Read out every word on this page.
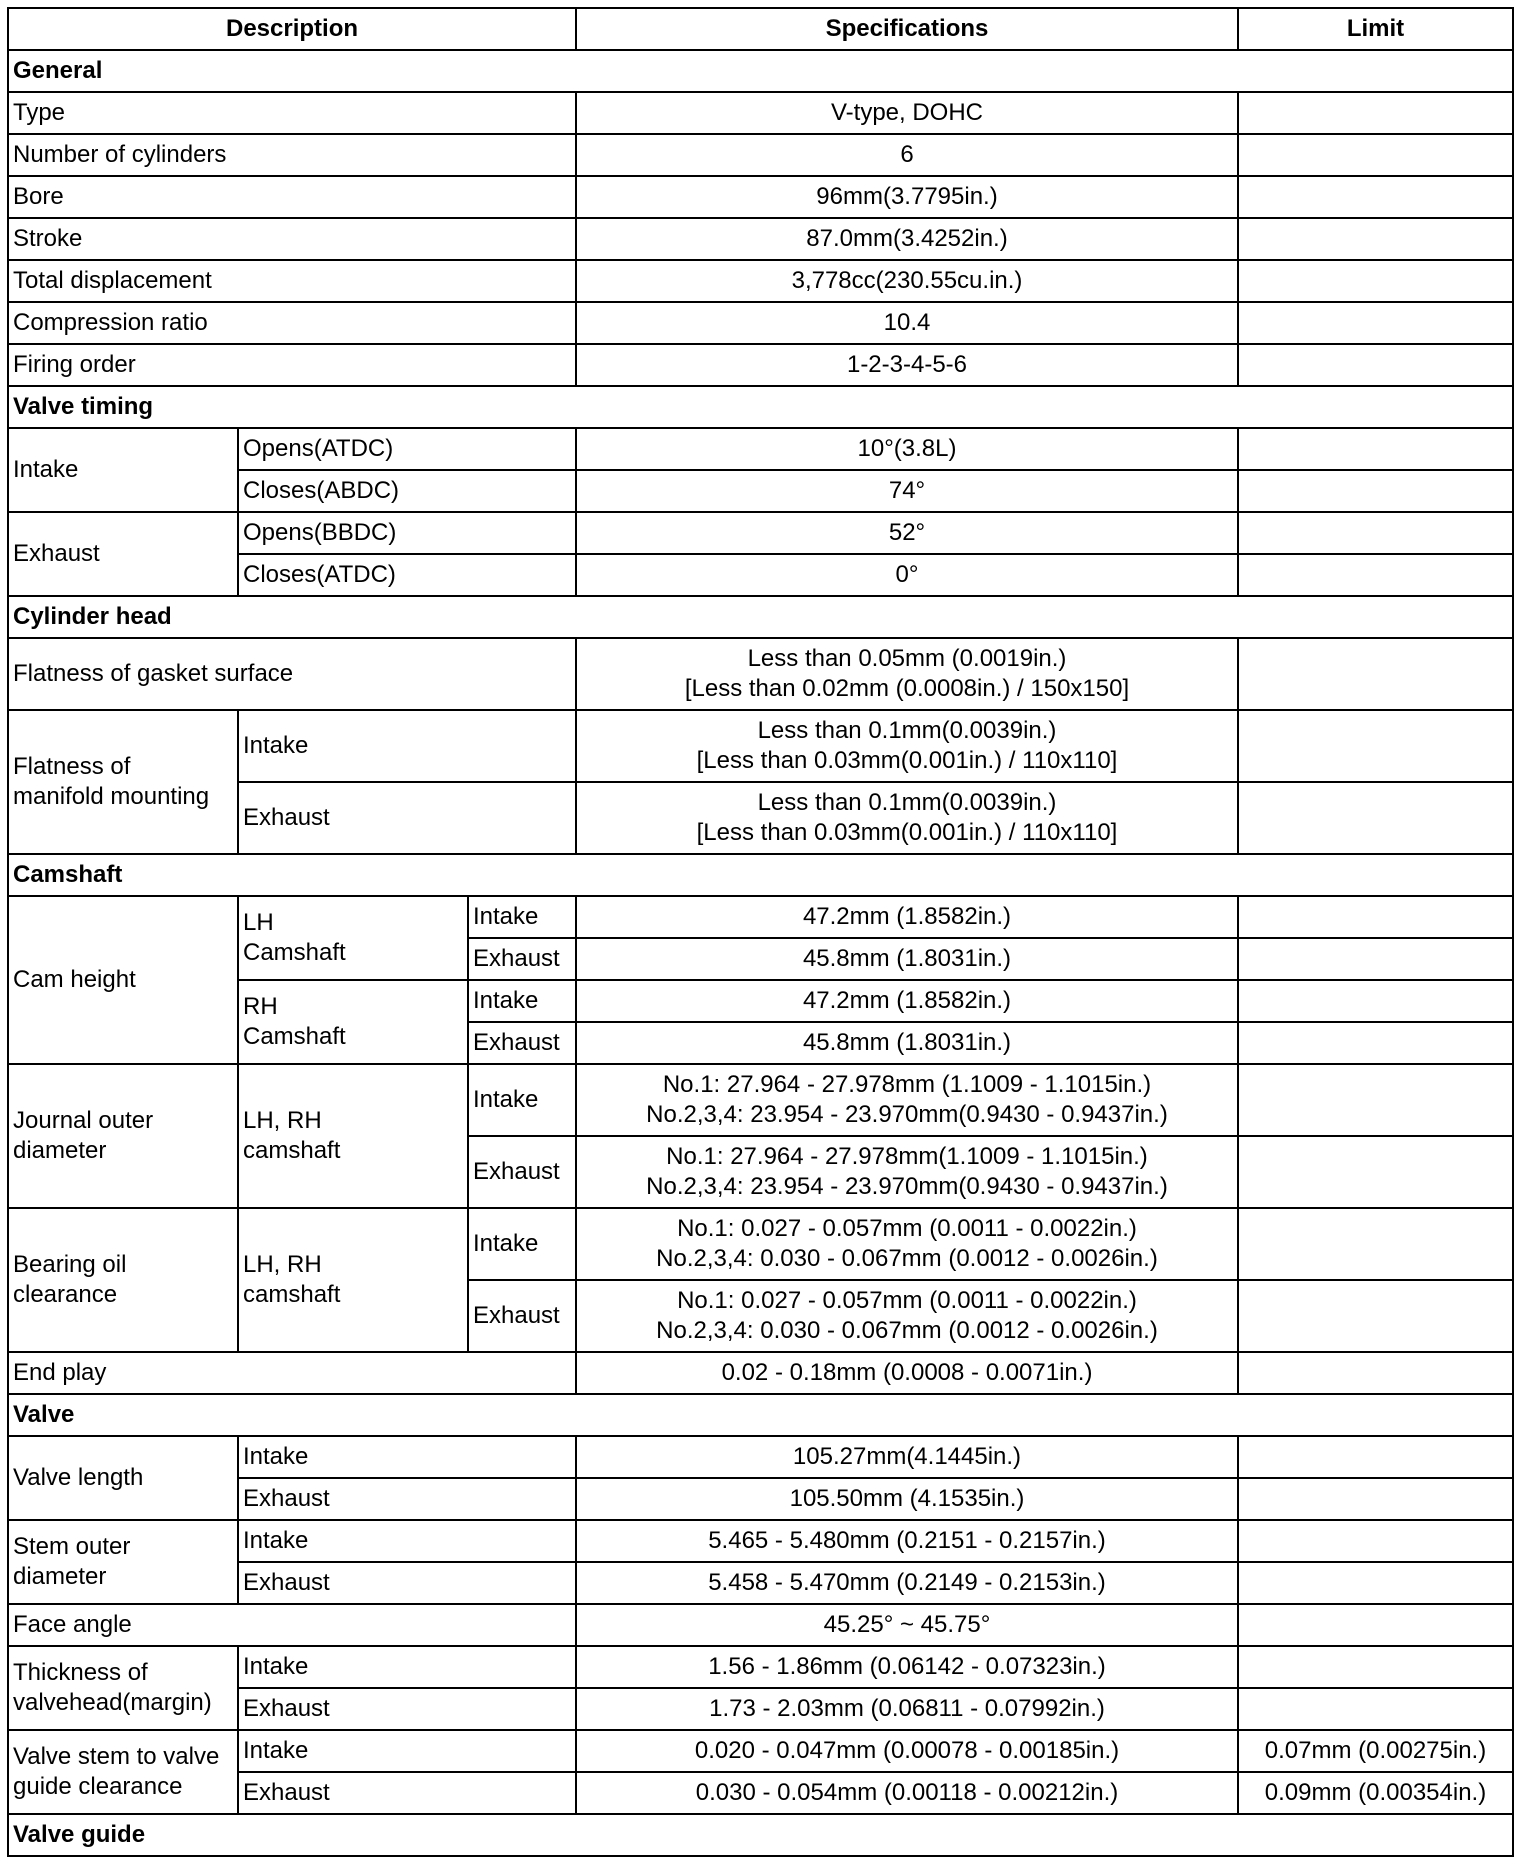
Description			Specifications	Limit
General				
Type			V-type, DOHC	
Number of cylinders			6	
Bore			96mm(3.7795in.)	
Stroke			87.0mm(3.4252in.)	
Total displacement			3,778cc(230.55cu.in.)	
Compression ratio			10.4	
Firing order			1-2-3-4-5-6	
Valve timing				
Intake	Opens(ATDC)		10°(3.8L)	
	Closes(ABDC)		74°	
Exhaust	Opens(BBDC)		52°	
	Closes(ATDC)		0°	
Cylinder head				
Flatness of gasket surface			Less than 0.05mm (0.0019in.)
[Less than 0.02mm (0.0008in.) / 150x150]	

Flatness of
manifold mounting	Intake		Less than 0.1mm(0.0039in.)
[Less than 0.03mm(0.001in.) / 110x110]	

	Exhaust		Less than 0.1mm(0.0039in.)
[Less than 0.03mm(0.001in.) / 110x110]	

Camshaft				
Cam height	LH
Camshaft	Intake	47.2mm (1.8582in.)	
		Exhaust	45.8mm (1.8031in.)	

	RH
Camshaft	Intake	47.2mm (1.8582in.)	
		Exhaust	45.8mm (1.8031in.)	

Journal outer
diameter	LH, RH
camshaft	Intake	No.1: 27.964 - 27.978mm (1.1009 - 1.1015in.)
No.2,3,4: 23.954 - 23.970mm(0.9430 - 0.9437in.)	

		Exhaust	No.1: 27.964 - 27.978mm(1.1009 - 1.1015in.)
No.2,3,4: 23.954 - 23.970mm(0.9430 - 0.9437in.)	

Bearing oil
clearance	LH, RH
camshaft	Intake	No.1: 0.027 - 0.057mm (0.0011 - 0.0022in.)
No.2,3,4: 0.030 - 0.067mm (0.0012 - 0.0026in.)	

		Exhaust	No.1: 0.027 - 0.057mm (0.0011 - 0.0022in.)
No.2,3,4: 0.030 - 0.067mm (0.0012 - 0.0026in.)	

End play			0.02 - 0.18mm (0.0008 - 0.0071in.)	
Valve				
Valve length	Intake		105.27mm(4.1445in.)	
	Exhaust		105.50mm (4.1535in.)	

Stem outer
diameter	Intake		5.465 - 5.480mm (0.2151 - 0.2157in.)	
	Exhaust		5.458 - 5.470mm (0.2149 - 0.2153in.)	
Face angle			45.25° ~ 45.75°	

Thickness of
valvehead(margin)	Intake		1.56 - 1.86mm (0.06142 - 0.07323in.)	
	Exhaust		1.73 - 2.03mm (0.06811 - 0.07992in.)	

Valve stem to valve
guide clearance	Intake		0.020 - 0.047mm (0.00078 - 0.00185in.)	0.07mm (0.00275in.)
	Exhaust		0.030 - 0.054mm (0.00118 - 0.00212in.)	0.09mm (0.00354in.)
Valve guide				
